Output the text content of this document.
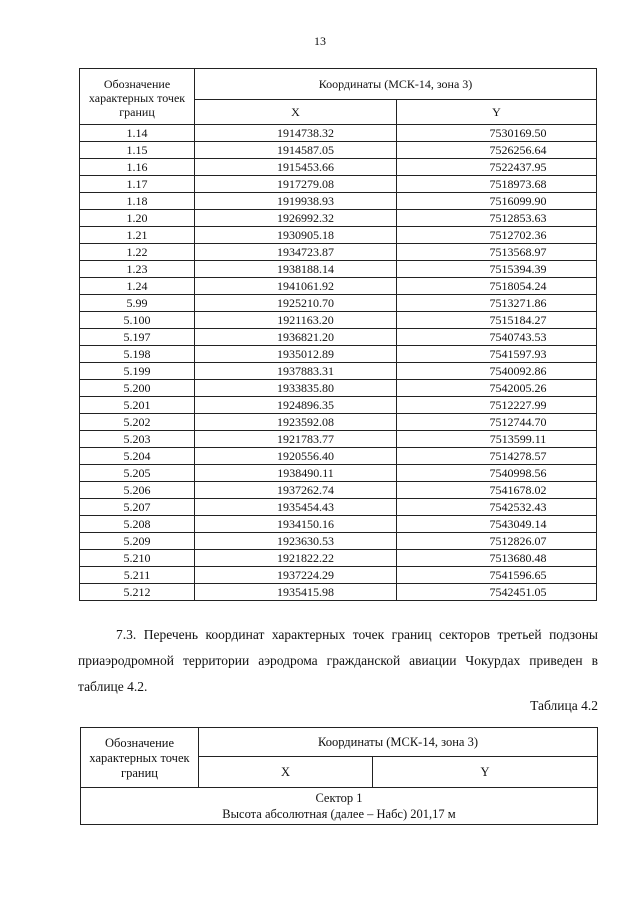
13
Обозначение характерных точек границ	Координаты (МСК-14, зона 3)	
	X	Y
1.14	1914738.32	7530169.50
1.15	1914587.05	7526256.64
1.16	1915453.66	7522437.95
1.17	1917279.08	7518973.68
1.18	1919938.93	7516099.90
1.20	1926992.32	7512853.63
1.21	1930905.18	7512702.36
1.22	1934723.87	7513568.97
1.23	1938188.14	7515394.39
1.24	1941061.92	7518054.24
5.99	1925210.70	7513271.86
5.100	1921163.20	7515184.27
5.197	1936821.20	7540743.53
5.198	1935012.89	7541597.93
5.199	1937883.31	7540092.86
5.200	1933835.80	7542005.26
5.201	1924896.35	7512227.99
5.202	1923592.08	7512744.70
5.203	1921783.77	7513599.11
5.204	1920556.40	7514278.57
5.205	1938490.11	7540998.56
5.206	1937262.74	7541678.02
5.207	1935454.43	7542532.43
5.208	1934150.16	7543049.14
5.209	1923630.53	7512826.07
5.210	1921822.22	7513680.48
5.211	1937224.29	7541596.65
5.212	1935415.98	7542451.05
7.3. Перечень координат характерных точек границ секторов третьей подзоны приаэродромной территории аэродрома гражданской авиации Чокурдах приведен в таблице 4.2.
Таблица 4.2
Обозначение характерных точек границ	Координаты (МСК-14, зона 3)	
	X	Y

Сектор 1
Высота абсолютная (далее – Набс) 201,17 м		
